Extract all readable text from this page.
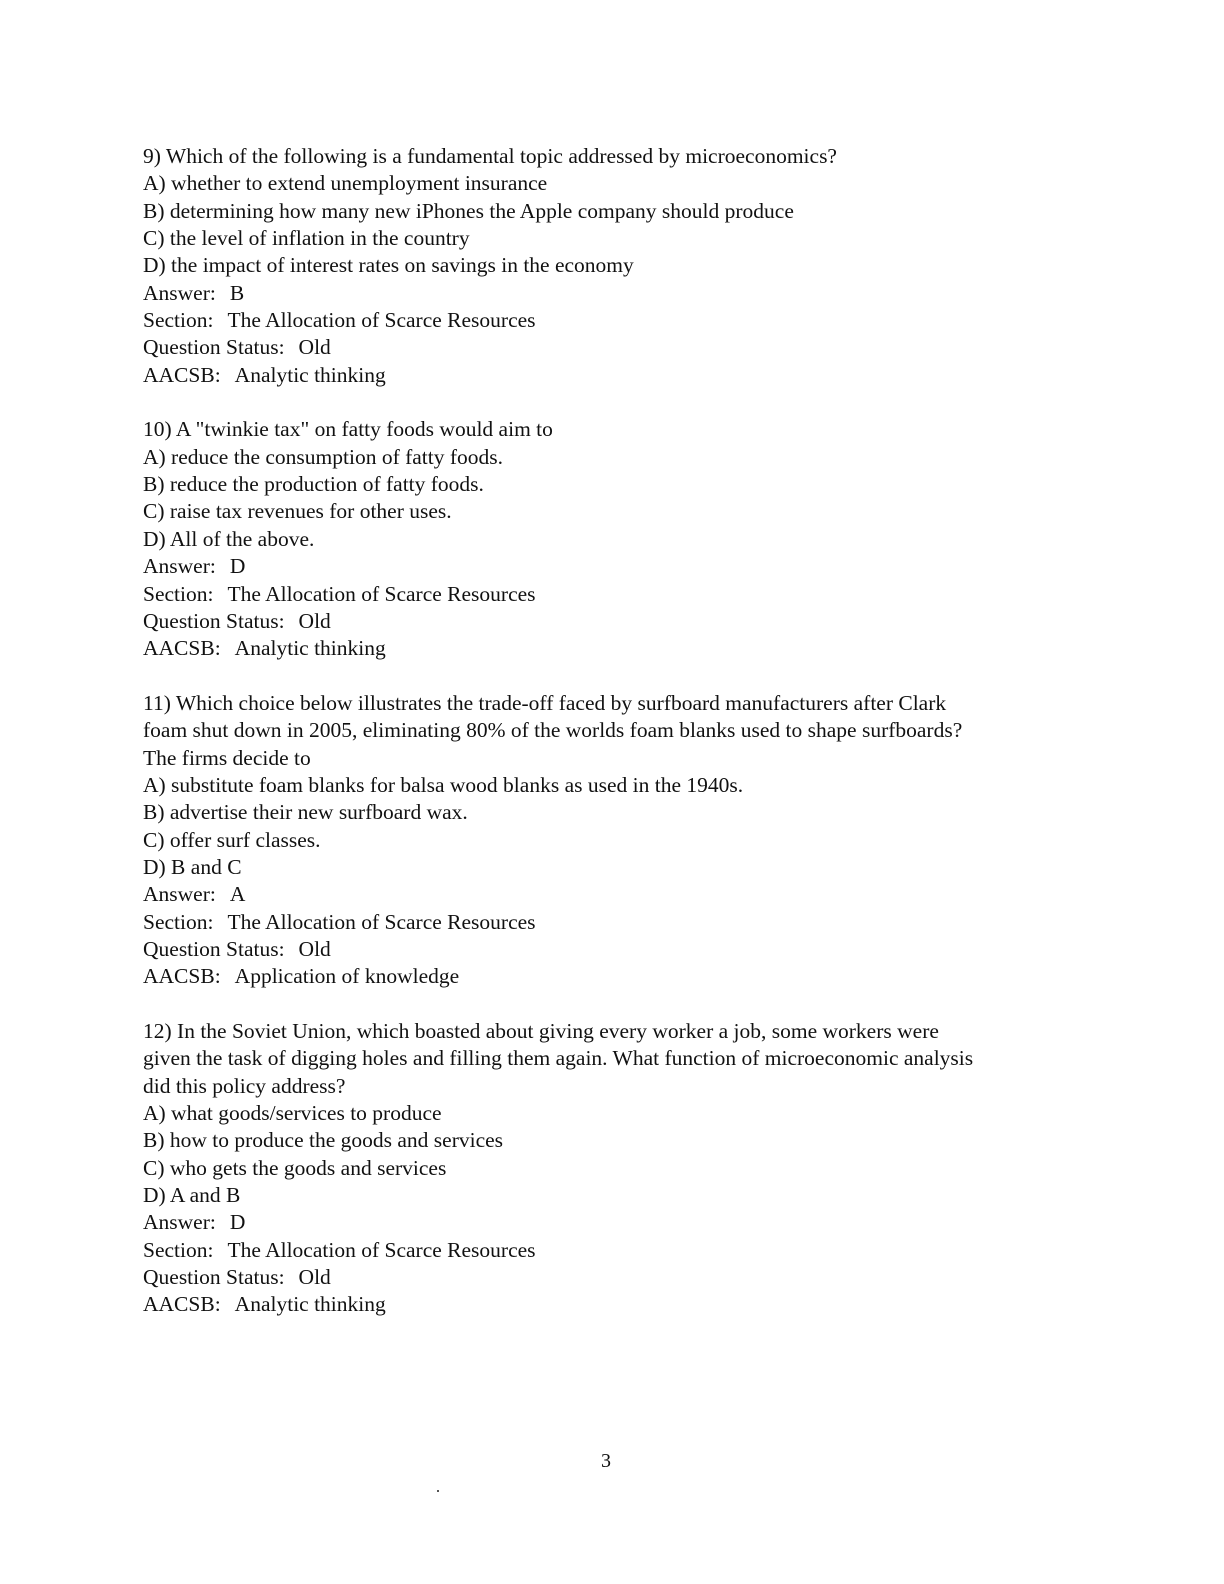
9) Which of the following is a fundamental topic addressed by microeconomics?
A) whether to extend unemployment insurance
B) determining how many new iPhones the Apple company should produce
C) the level of inflation in the country
D) the impact of interest rates on savings in the economy
Answer: B
Section: The Allocation of Scarce Resources
Question Status: Old
AACSB: Analytic thinking
10) A "twinkie tax" on fatty foods would aim to
A) reduce the consumption of fatty foods.
B) reduce the production of fatty foods.
C) raise tax revenues for other uses.
D) All of the above.
Answer: D
Section: The Allocation of Scarce Resources
Question Status: Old
AACSB: Analytic thinking
11) Which choice below illustrates the trade-off faced by surfboard manufacturers after Clark
foam shut down in 2005, eliminating 80% of the worlds foam blanks used to shape surfboards?
The firms decide to
A) substitute foam blanks for balsa wood blanks as used in the 1940s.
B) advertise their new surfboard wax.
C) offer surf classes.
D) B and C
Answer: A
Section: The Allocation of Scarce Resources
Question Status: Old
AACSB: Application of knowledge
12) In the Soviet Union, which boasted about giving every worker a job, some workers were
given the task of digging holes and filling them again. What function of microeconomic analysis
did this policy address?
A) what goods/services to produce
B) how to produce the goods and services
C) who gets the goods and services
D) A and B
Answer: D
Section: The Allocation of Scarce Resources
Question Status: Old
AACSB: Analytic thinking
3
